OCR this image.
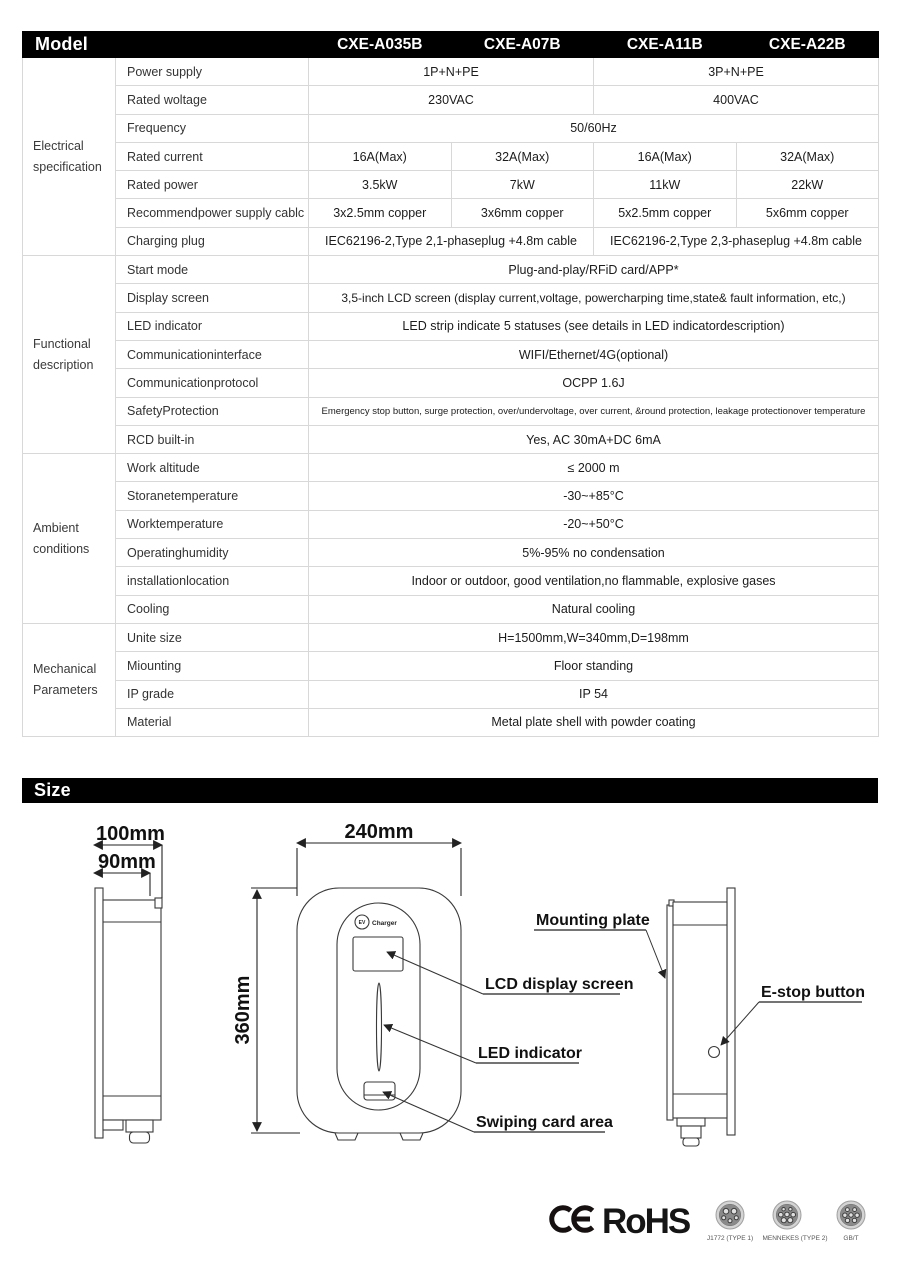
Model		CXE-A035B	CXE-A07B	CXE-A11B	CXE-A22B
Electrical specification	Power supply	1P+N+PE		3P+N+PE	
	Rated woltage	230VAC		400VAC	
	Frequency	50/60Hz			
	Rated current	16A(Max)	32A(Max)	16A(Max)	32A(Max)
	Rated power	3.5kW	7kW	11kW	22kW
	Recommendpower supply cablc	3x2.5mm copper	3x6mm copper	5x2.5mm copper	5x6mm copper
	Charging plug	IEC62196-2,Type 2,1-phaseplug +4.8m cable		IEC62196-2,Type 2,3-phaseplug +4.8m cable	
Functional description	Start mode	Plug-and-play/RFiD card/APP*			
	Display screen	3,5-inch LCD screen (display current,voltage, powercharping time,state& fault information, etc,)			
	LED indicator	LED strip indicate 5 statuses (see details in LED indicatordescription)			
	Communicationinterface	WIFI/Ethernet/4G(optional)			
	Communicationprotocol	OCPP 1.6J			
	SafetyProtection	Emergency stop button, surge protection, over/undervoltage, over current, &round protection, leakage protectionover temperature			
	RCD built-in	Yes, AC 30mA+DC 6mA			
Ambient conditions	Work altitude	≤ 2000 m			
	Storanetemperature	-30~+85°C			
	Worktemperature	-20~+50°C			
	Operatinghumidity	5%-95% no condensation			
	installationlocation	Indoor or outdoor, good ventilation,no flammable, explosive gases			
	Cooling	Natural cooling			
Mechanical Parameters	Unite size	H=1500mm,W=340mm,D=198mm			
	Miounting	Floor standing			
	IP grade	IP 54			
	Material	Metal plate shell with powder coating			
Size
EV Charger
100mm
90mm
240mm
360mm
Mounting plate
LCD display screen
LED indicator
Swiping card area
E-stop button
RoHS	J1772 (TYPE 1) MENNEKES (TYPE 2) GB/T
